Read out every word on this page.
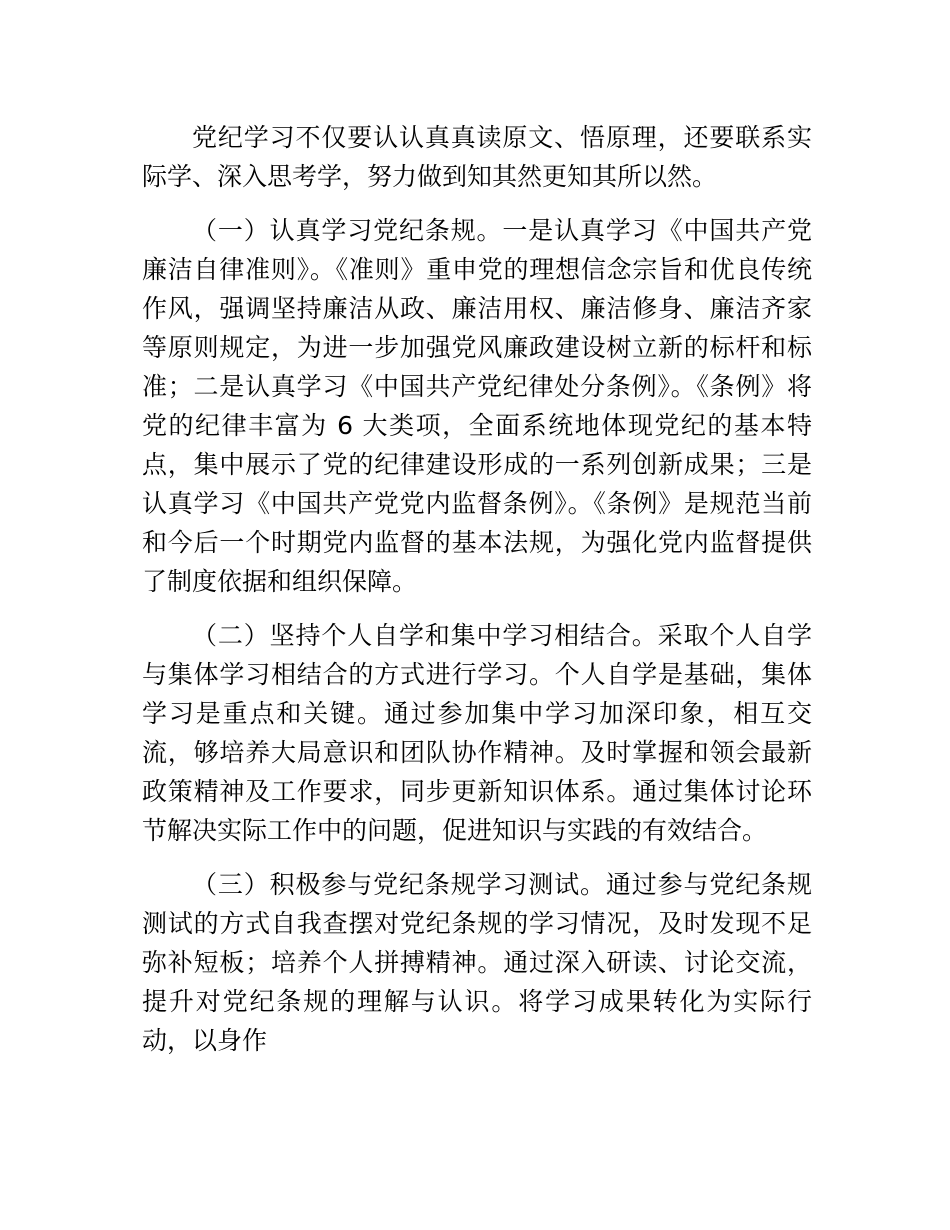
党纪学习不仅要认认真真读原文、悟原理，还要联系实际学、深入思考学，努力做到知其然更知其所以然。

（一）认真学习党纪条规。一是认真学习《中国共产党廉洁自律准则》。《准则》重申党的理想信念宗旨和优良传统作风，强调坚持廉洁从政、廉洁用权、廉洁修身、廉洁齐家等原则规定，为进一步加强党风廉政建设树立新的标杆和标准；二是认真学习《中国共产党纪律处分条例》。《条例》将党的纪律丰富为 6 大类项，全面系统地体现党纪的基本特点，集中展示了党的纪律建设形成的一系列创新成果；三是认真学习《中国共产党党内监督条例》。《条例》是规范当前和今后一个时期党内监督的基本法规，为强化党内监督提供了制度依据和组织保障。

（二）坚持个人自学和集中学习相结合。采取个人自学与集体学习相结合的方式进行学习。个人自学是基础，集体学习是重点和关键。通过参加集中学习加深印象，相互交流，够培养大局意识和团队协作精神。及时掌握和领会最新政策精神及工作要求，同步更新知识体系。通过集体讨论环节解决实际工作中的问题，促进知识与实践的有效结合。

（三）积极参与党纪条规学习测试。通过参与党纪条规测试的方式自我查摆对党纪条规的学习情况，及时发现不足弥补短板；培养个人拼搏精神。通过深入研读、讨论交流，提升对党纪条规的理解与认识。将学习成果转化为实际行动，以身作
